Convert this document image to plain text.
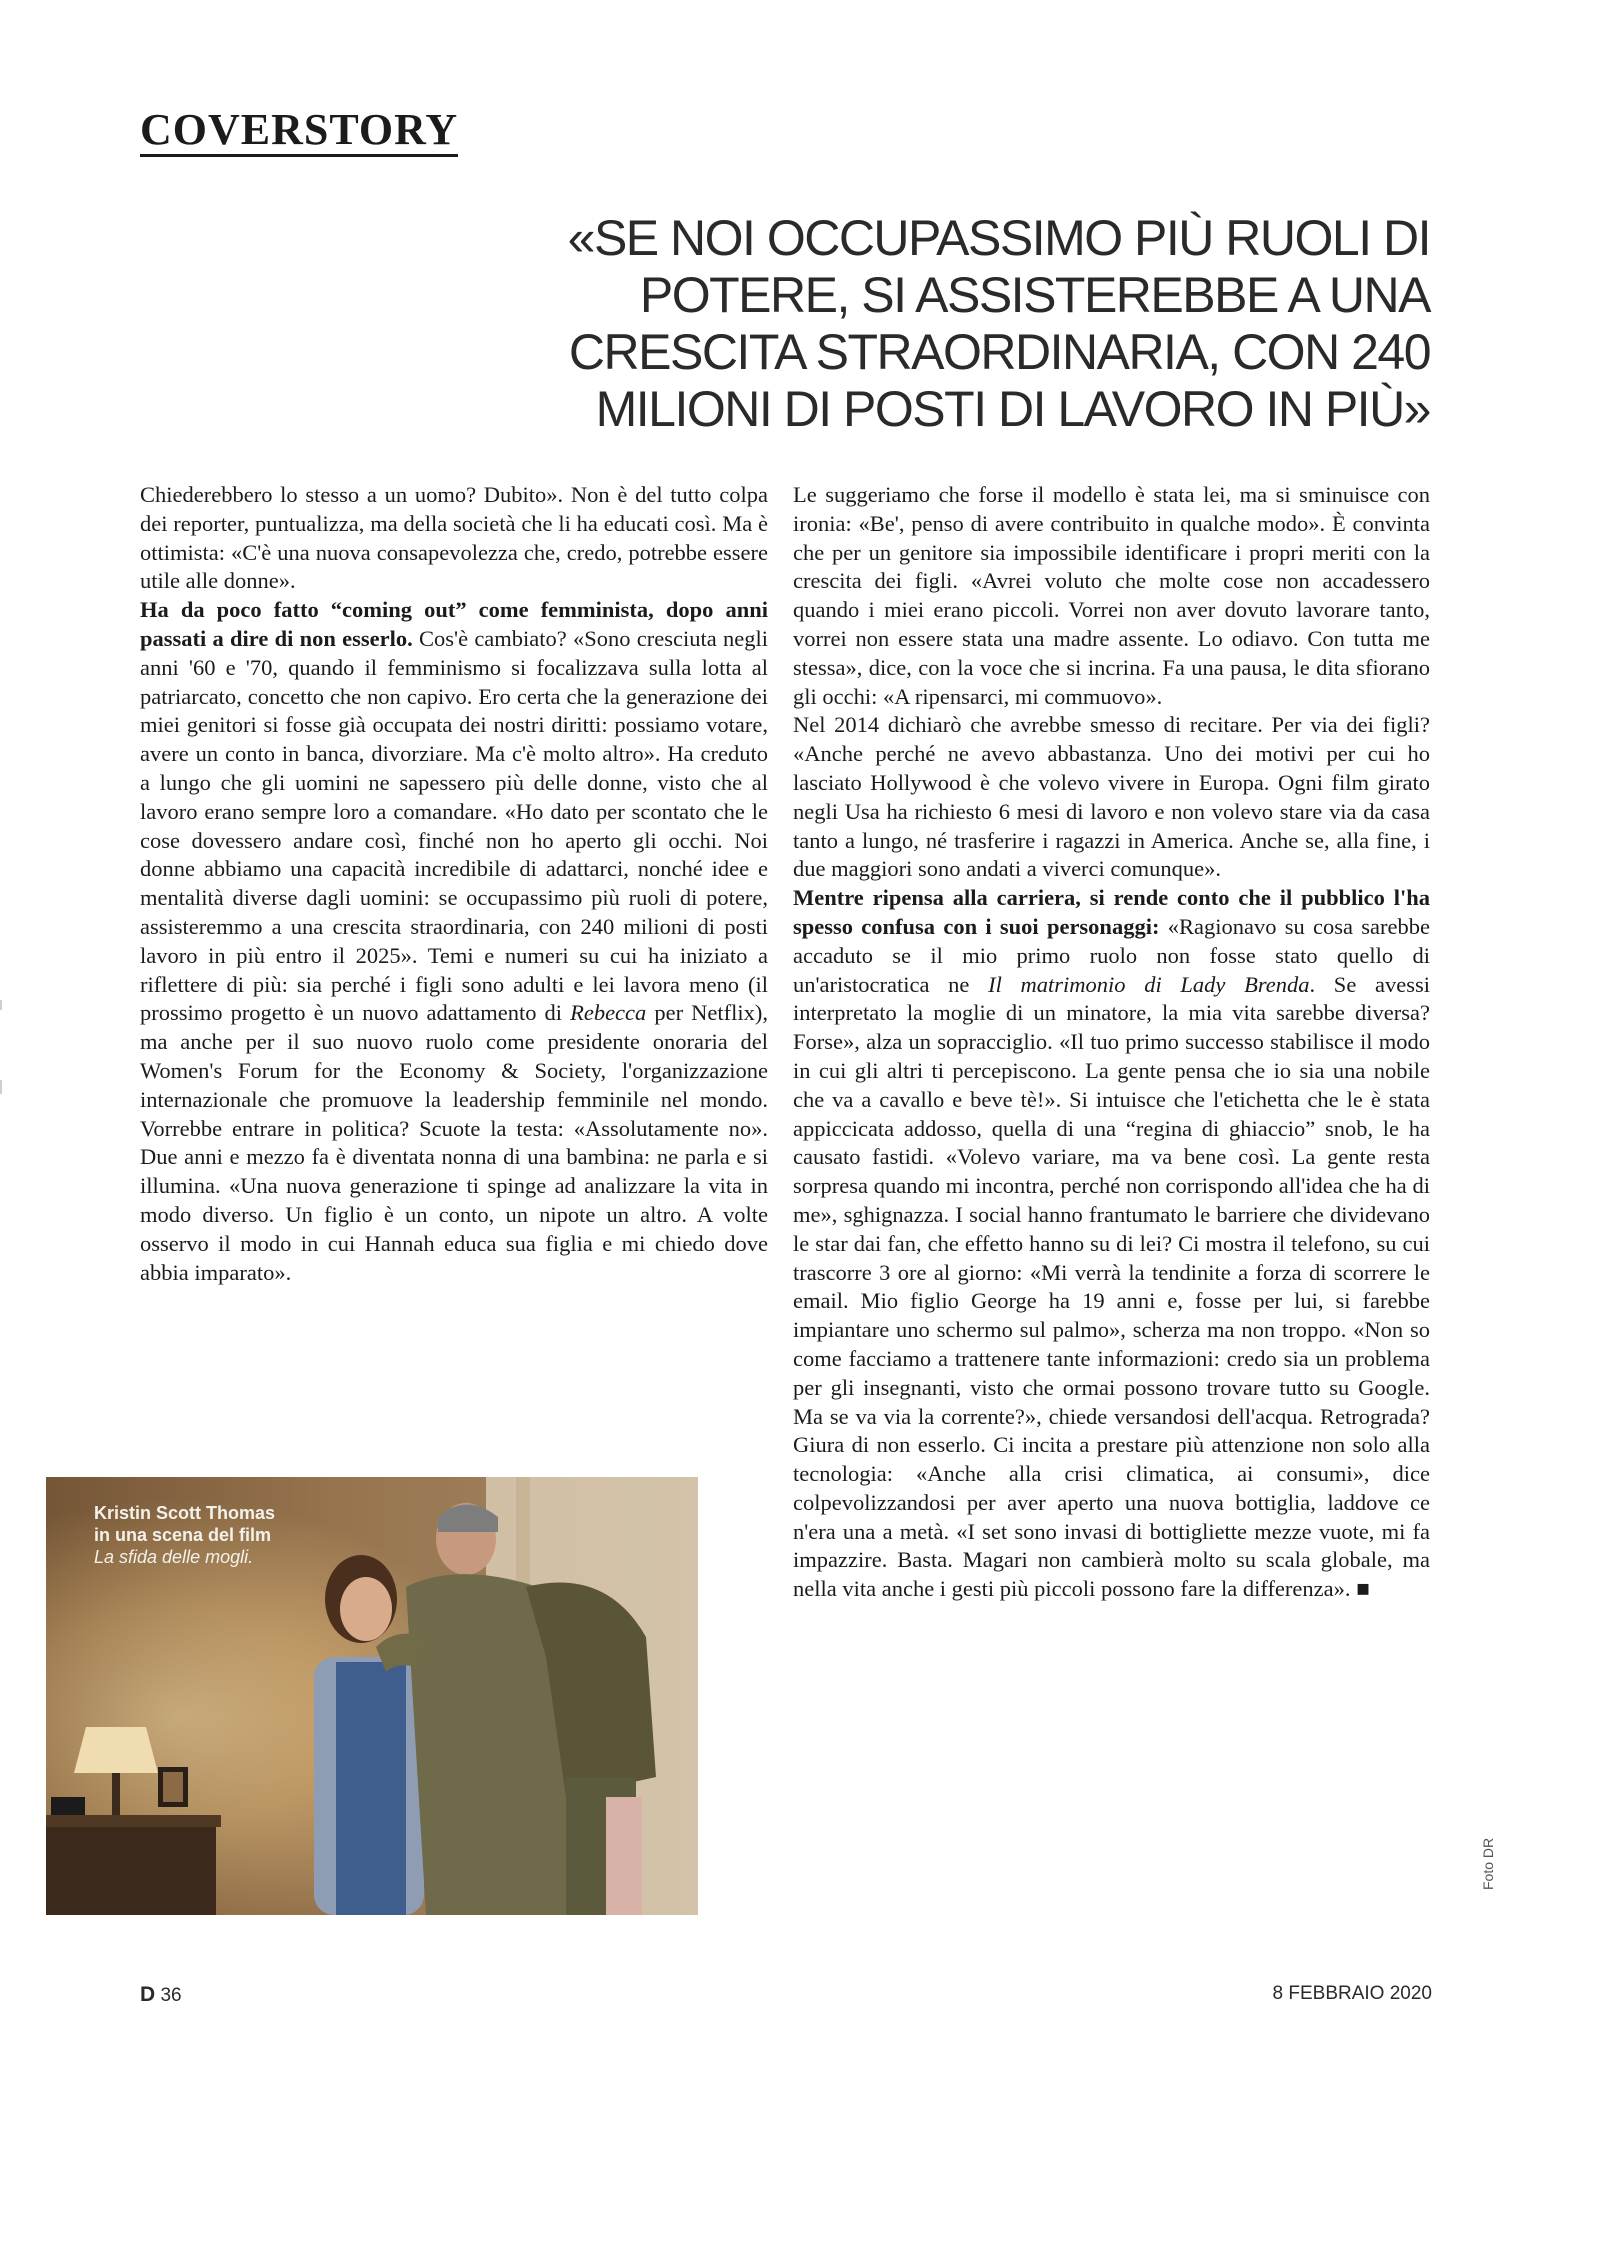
COVERSTORY
«SE NOI OCCUPASSIMO PIÙ RUOLI DI
POTERE, SI ASSISTEREBBE A UNA
CRESCITA STRAORDINARIA, CON 240
MILIONI DI POSTI DI LAVORO IN PIÙ»

Chiederebbero lo stesso a un uomo? Dubito». Non è del tutto colpa dei reporter, puntualizza, ma della società che li ha educati così. Ma è ottimista: «C'è una nuova consapevolezza che, credo, potrebbe essere utile alle donne».

Ha da poco fatto “coming out” come femminista, dopo anni passati a dire di non esserlo. Cos'è cambiato? «Sono cresciuta negli anni '60 e '70, quando il femminismo si focalizzava sulla lotta al patriarcato, concetto che non capivo. Ero certa che la generazione dei miei genitori si fosse già occupata dei nostri diritti: possiamo votare, avere un conto in banca, divorziare. Ma c'è molto altro». Ha creduto a lungo che gli uomini ne sapessero più delle donne, visto che al lavoro erano sempre loro a comandare. «Ho dato per scontato che le cose dovessero andare così, finché non ho aperto gli occhi. Noi donne abbiamo una capacità incredibile di adattarci, nonché idee e mentalità diverse dagli uomini: se occupassimo più ruoli di potere, assisteremmo a una crescita straordinaria, con 240 milioni di posti lavoro in più entro il 2025». Temi e numeri su cui ha iniziato a riflettere di più: sia perché i figli sono adulti e lei lavora meno (il prossimo progetto è un nuovo adattamento di Rebecca per Netflix), ma anche per il suo nuovo ruolo come presidente onoraria del Women's Forum for the Economy & Society, l'organizzazione internazionale che promuove la leadership femminile nel mondo. Vorrebbe entrare in politica? Scuote la testa: «Assolutamente no». Due anni e mezzo fa è diventata nonna di una bambina: ne parla e si illumina. «Una nuova generazione ti spinge ad analizzare la vita in modo diverso. Un figlio è un conto, un nipote un altro. A volte osservo il modo in cui Hannah educa sua figlia e mi chiedo dove abbia imparato».

Le suggeriamo che forse il modello è stata lei, ma si sminuisce con ironia: «Be', penso di avere contribuito in qualche modo». È convinta che per un genitore sia impossibile identificare i propri meriti con la crescita dei figli. «Avrei voluto che molte cose non accadessero quando i miei erano piccoli. Vorrei non aver dovuto lavorare tanto, vorrei non essere stata una madre assente. Lo odiavo. Con tutta me stessa», dice, con la voce che si incrina. Fa una pausa, le dita sfiorano gli occhi: «A ripensarci, mi commuovo».

Nel 2014 dichiarò che avrebbe smesso di recitare. Per via dei figli? «Anche perché ne avevo abbastanza. Uno dei motivi per cui ho lasciato Hollywood è che volevo vivere in Europa. Ogni film girato negli Usa ha richiesto 6 mesi di lavoro e non volevo stare via da casa tanto a lungo, né trasferire i ragazzi in America. Anche se, alla fine, i due maggiori sono andati a viverci comunque».

Mentre ripensa alla carriera, si rende conto che il pubblico l'ha spesso confusa con i suoi personaggi: «Ragionavo su cosa sarebbe accaduto se il mio primo ruolo non fosse stato quello di un'aristocratica ne Il matrimonio di Lady Brenda. Se avessi interpretato la moglie di un minatore, la mia vita sarebbe diversa? Forse», alza un sopracciglio. «Il tuo primo successo stabilisce il modo in cui gli altri ti percepiscono. La gente pensa che io sia una nobile che va a cavallo e beve tè!». Si intuisce che l'etichetta che le è stata appiccicata addosso, quella di una “regina di ghiaccio” snob, le ha causato fastidi. «Volevo variare, ma va bene così. La gente resta sorpresa quando mi incontra, perché non corrispondo all'idea che ha di me», sghignazza. I social hanno frantumato le barriere che dividevano le star dai fan, che effetto hanno su di lei? Ci mostra il telefono, su cui trascorre 3 ore al giorno: «Mi verrà la tendinite a forza di scorrere le email. Mio figlio George ha 19 anni e, fosse per lui, si farebbe impiantare uno schermo sul palmo», scherza ma non troppo. «Non so come facciamo a trattenere tante informazioni: credo sia un problema per gli insegnanti, visto che ormai possono trovare tutto su Google. Ma se va via la corrente?», chiede versandosi dell'acqua. Retrograda? Giura di non esserlo. Ci incita a prestare più attenzione non solo alla tecnologia: «Anche alla crisi climatica, ai consumi», dice colpevolizzandosi per aver aperto una nuova bottiglia, laddove ce n'era una a metà. «I set sono invasi di bottigliette mezze vuote, mi fa impazzire. Basta. Magari non cambierà molto su scala globale, ma nella vita anche i gesti più piccoli possono fare la differenza». ■

Kristin Scott Thomas in una scena del film La sfida delle mogli.
D 36	8 FEBBRAIO 2020
Foto DR
